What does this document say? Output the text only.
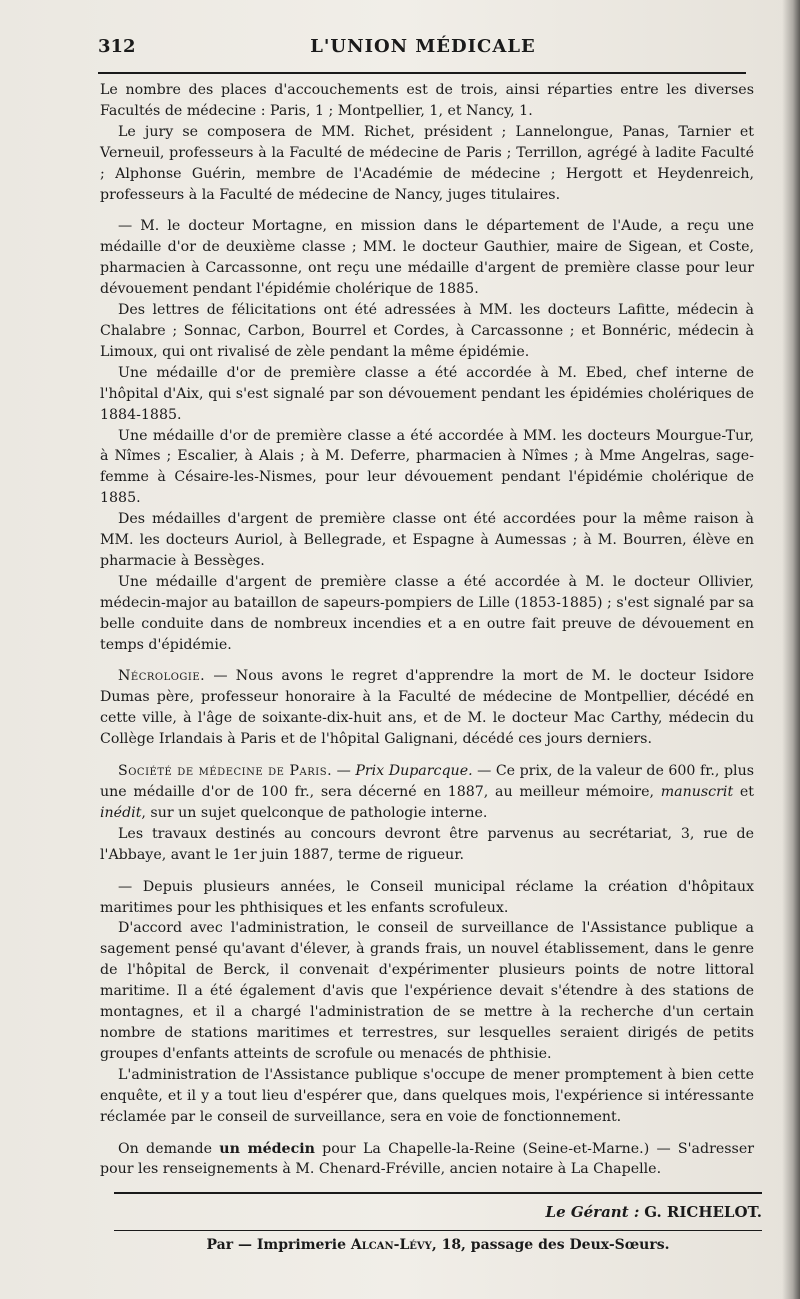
312	L'UNION MÉDICALE

Le nombre des places d'accouchements est de trois, ainsi réparties entre les diverses Facultés de médecine : Paris, 1 ; Montpellier, 1, et Nancy, 1.

Le jury se composera de MM. Richet, président ; Lannelongue, Panas, Tarnier et Verneuil, professeurs à la Faculté de médecine de Paris ; Terrillon, agrégé à ladite Faculté ; Alphonse Guérin, membre de l'Académie de médecine ; Hergott et Heydenreich, professeurs à la Faculté de médecine de Nancy, juges titulaires.

— M. le docteur Mortagne, en mission dans le département de l'Aude, a reçu une médaille d'or de deuxième classe ; MM. le docteur Gauthier, maire de Sigean, et Coste, pharmacien à Carcassonne, ont reçu une médaille d'argent de première classe pour leur dévouement pendant l'épidémie cholérique de 1885.

Des lettres de félicitations ont été adressées à MM. les docteurs Lafitte, médecin à Chalabre ; Sonnac, Carbon, Bourrel et Cordes, à Carcassonne ; et Bonnéric, médecin à Limoux, qui ont rivalisé de zèle pendant la même épidémie.

Une médaille d'or de première classe a été accordée à M. Ebed, chef interne de l'hôpital d'Aix, qui s'est signalé par son dévouement pendant les épidémies cholériques de 1884-1885.

Une médaille d'or de première classe a été accordée à MM. les docteurs Mourgue-Tur, à Nîmes ; Escalier, à Alais ; à M. Deferre, pharmacien à Nîmes ; à Mme Angelras, sage-femme à Césaire-les-Nismes, pour leur dévouement pendant l'épidémie cholérique de 1885.

Des médailles d'argent de première classe ont été accordées pour la même raison à MM. les docteurs Auriol, à Bellegrade, et Espagne à Aumessas ; à M. Bourren, élève en pharmacie à Bessèges.

Une médaille d'argent de première classe a été accordée à M. le docteur Ollivier, médecin-major au bataillon de sapeurs-pompiers de Lille (1853-1885) ; s'est signalé par sa belle conduite dans de nombreux incendies et a en outre fait preuve de dévouement en temps d'épidémie.

Nécrologie. — Nous avons le regret d'apprendre la mort de M. le docteur Isidore Dumas père, professeur honoraire à la Faculté de médecine de Montpellier, décédé en cette ville, à l'âge de soixante-dix-huit ans, et de M. le docteur Mac Carthy, médecin du Collège Irlandais à Paris et de l'hôpital Galignani, décédé ces jours derniers.

Société de médecine de Paris. — Prix Duparcque. — Ce prix, de la valeur de 600 fr., plus une médaille d'or de 100 fr., sera décerné en 1887, au meilleur mémoire, manuscrit et inédit, sur un sujet quelconque de pathologie interne.

Les travaux destinés au concours devront être parvenus au secrétariat, 3, rue de l'Abbaye, avant le 1er juin 1887, terme de rigueur.

— Depuis plusieurs années, le Conseil municipal réclame la création d'hôpitaux maritimes pour les phthisiques et les enfants scrofuleux.

D'accord avec l'administration, le conseil de surveillance de l'Assistance publique a sagement pensé qu'avant d'élever, à grands frais, un nouvel établissement, dans le genre de l'hôpital de Berck, il convenait d'expérimenter plusieurs points de notre littoral maritime. Il a été également d'avis que l'expérience devait s'étendre à des stations de montagnes, et il a chargé l'administration de se mettre à la recherche d'un certain nombre de stations maritimes et terrestres, sur lesquelles seraient dirigés de petits groupes d'enfants atteints de scrofule ou menacés de phthisie.

L'administration de l'Assistance publique s'occupe de mener promptement à bien cette enquête, et il y a tout lieu d'espérer que, dans quelques mois, l'expérience si intéressante réclamée par le conseil de surveillance, sera en voie de fonctionnement.

On demande un médecin pour La Chapelle-la-Reine (Seine-et-Marne.) — S'adresser pour les renseignements à M. Chenard-Fréville, ancien notaire à La Chapelle.

Le Gérant : G. RICHELOT.
Par — Imprimerie Alcan-Lévy, 18, passage des Deux-Sœurs.
